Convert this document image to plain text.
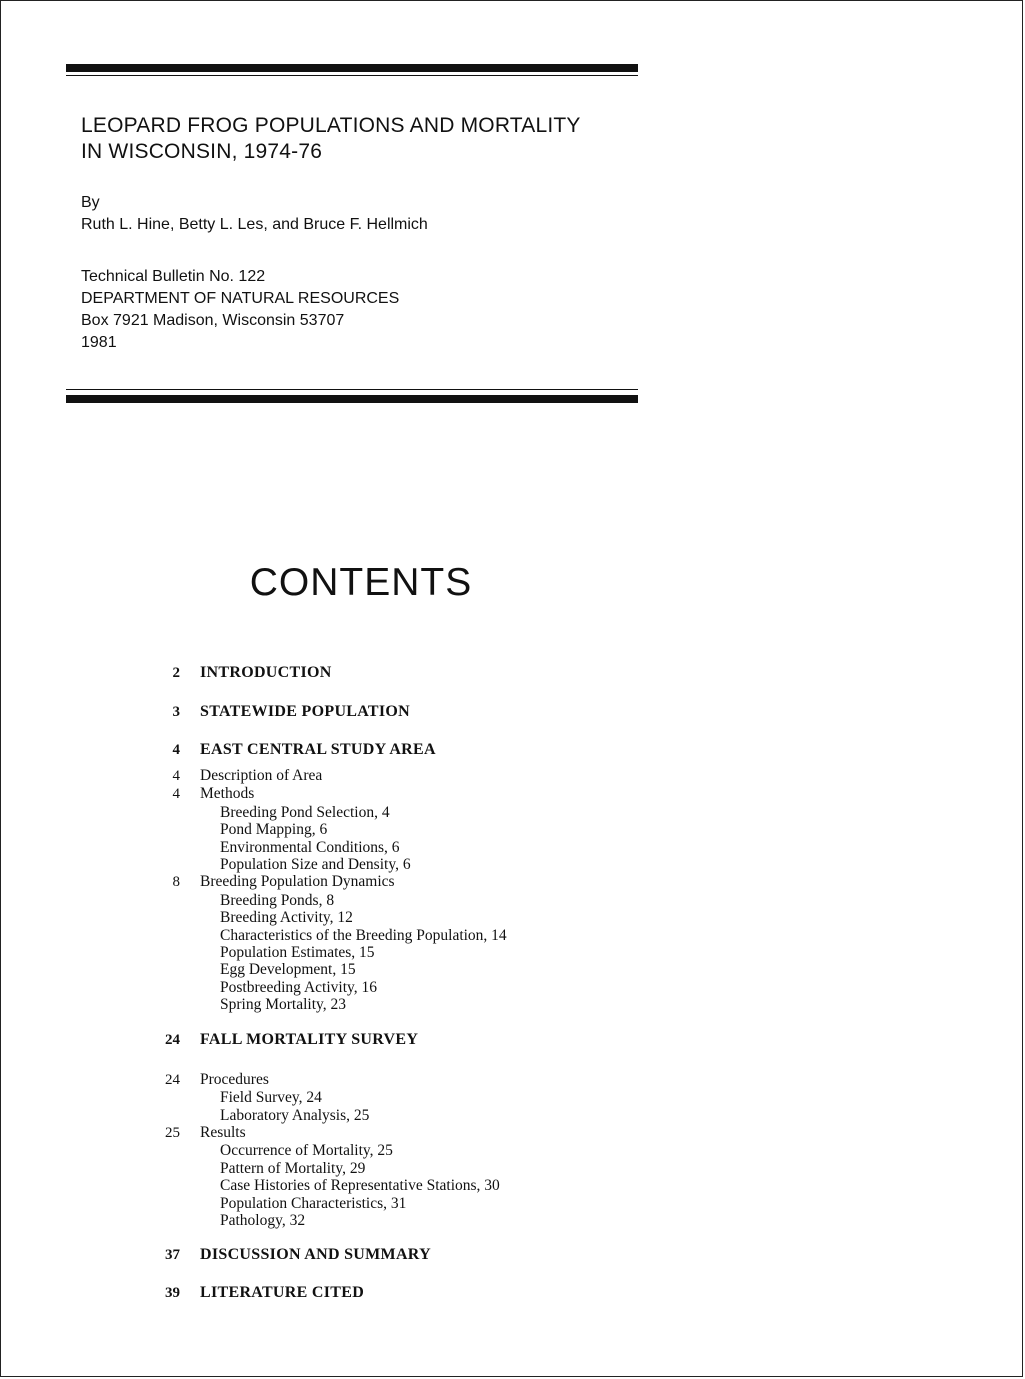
LEOPARD FROG POPULATIONS AND MORTALITY
IN WISCONSIN, 1974-76
By
Ruth L. Hine, Betty L. Les, and Bruce F. Hellmich
Technical Bulletin No. 122
DEPARTMENT OF NATURAL RESOURCES
Box 7921 Madison, Wisconsin 53707
1981
CONTENTS
2 INTRODUCTION
3 STATEWIDE POPULATION
4 EAST CENTRAL STUDY AREA
4 Description of Area
4 Methods
Breeding Pond Selection, 4
Pond Mapping, 6
Environmental Conditions, 6
Population Size and Density, 6
8 Breeding Population Dynamics
Breeding Ponds, 8
Breeding Activity, 12
Characteristics of the Breeding Population, 14
Population Estimates, 15
Egg Development, 15
Postbreeding Activity, 16
Spring Mortality, 23
24 FALL MORTALITY SURVEY
24 Procedures
Field Survey, 24
Laboratory Analysis, 25
25 Results
Occurrence of Mortality, 25
Pattern of Mortality, 29
Case Histories of Representative Stations, 30
Population Characteristics, 31
Pathology, 32
37 DISCUSSION AND SUMMARY
39 LITERATURE CITED
